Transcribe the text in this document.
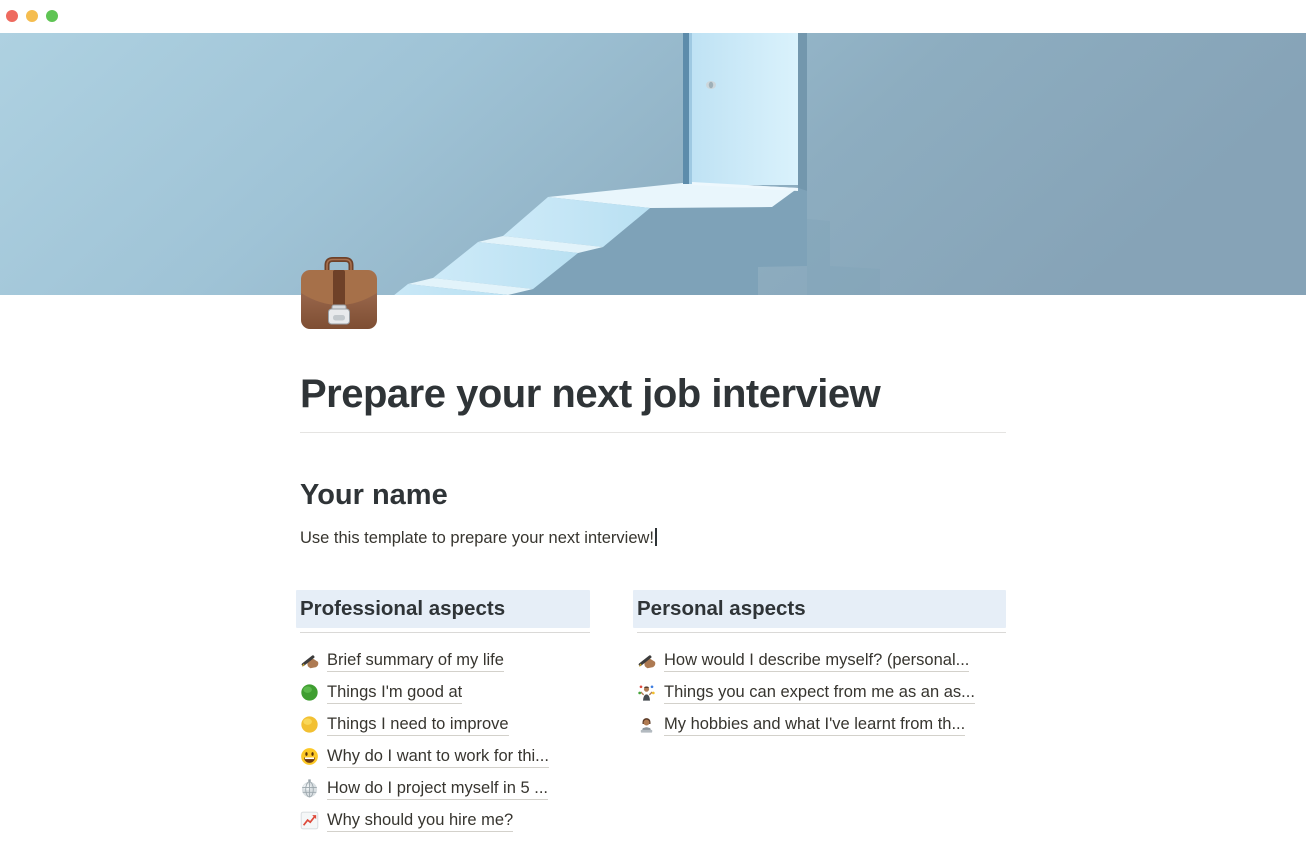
Prepare your next job interview
Your name

Use this template to prepare your next interview!

Professional aspects
Brief summary of my life
Things I'm good at
Things I need to improve
Why do I want to work for thi...
How do I project myself in 5 ...
Why should you hire me?
Personal aspects
How would I describe myself? (personal...
Things you can expect from me as an as...
My hobbies and what I've learnt from th...
